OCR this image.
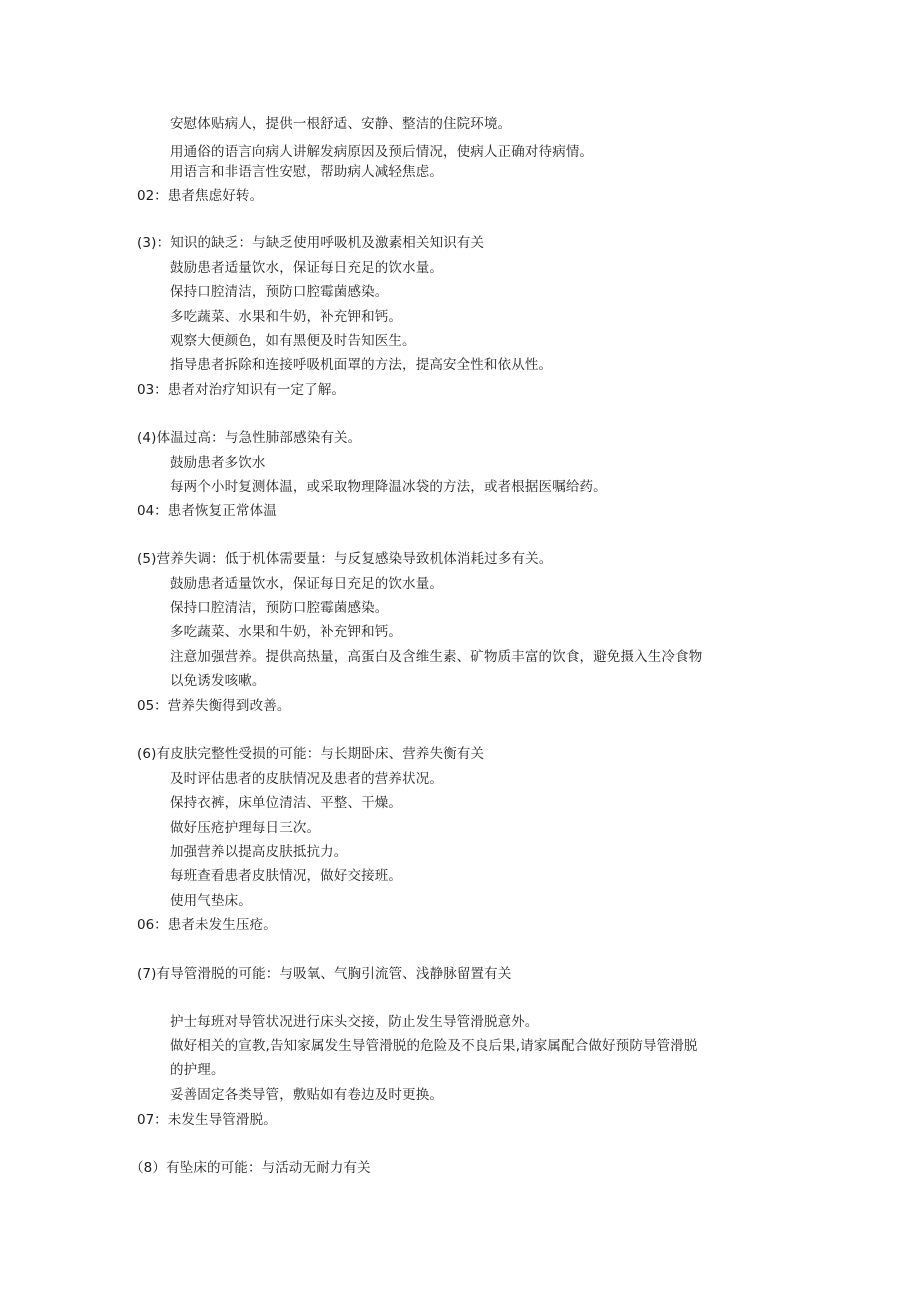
安慰体贴病人，提供一根舒适、安静、整洁的住院环境。
用通俗的语言向病人讲解发病原因及预后情况，使病人正确对待病情。
用语言和非语言性安慰，帮助病人减轻焦虑。
02：患者焦虑好转。
(3)：知识的缺乏：与缺乏使用呼吸机及激素相关知识有关
鼓励患者适量饮水，保证每日充足的饮水量。
保持口腔清洁，预防口腔霉菌感染。
多吃蔬菜、水果和牛奶，补充钾和钙。
观察大便颜色，如有黑便及时告知医生。
指导患者拆除和连接呼吸机面罩的方法，提高安全性和依从性。
03：患者对治疗知识有一定了解。
(4)体温过高：与急性肺部感染有关。
鼓励患者多饮水
每两个小时复测体温，或采取物理降温冰袋的方法，或者根据医嘱给药。
04：患者恢复正常体温
(5)营养失调：低于机体需要量：与反复感染导致机体消耗过多有关。
鼓励患者适量饮水，保证每日充足的饮水量。
保持口腔清洁，预防口腔霉菌感染。
多吃蔬菜、水果和牛奶，补充钾和钙。
注意加强营养。提供高热量，高蛋白及含维生素、矿物质丰富的饮食，避免摄入生冷食物
以免诱发咳嗽。
05：营养失衡得到改善。
(6)有皮肤完整性受损的可能：与长期卧床、营养失衡有关
及时评估患者的皮肤情况及患者的营养状况。
保持衣裤，床单位清洁、平整、干燥。
做好压疮护理每日三次。
加强营养以提高皮肤抵抗力。
每班查看患者皮肤情况，做好交接班。
使用气垫床。
06：患者未发生压疮。
(7)有导管滑脱的可能：与吸氧、气胸引流管、浅静脉留置有关
护士每班对导管状况进行床头交接，防止发生导管滑脱意外。
做好相关的宣教,告知家属发生导管滑脱的危险及不良后果,请家属配合做好预防导管滑脱
的护理。
妥善固定各类导管，敷贴如有卷边及时更换。
07：未发生导管滑脱。
（8）有坠床的可能：与活动无耐力有关
